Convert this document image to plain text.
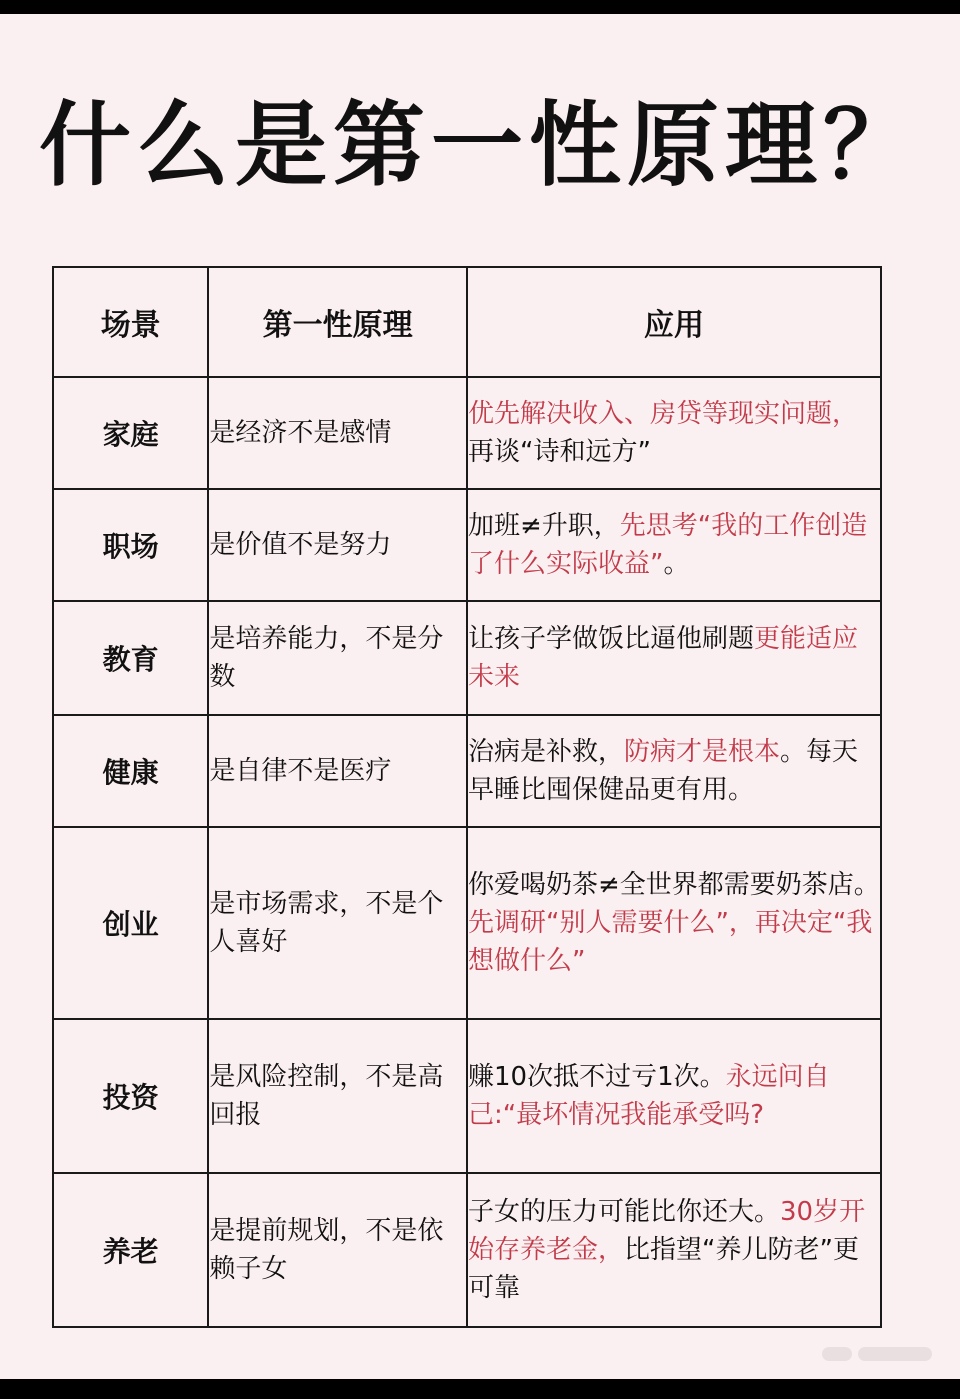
什么是第一性原理？
场景	第一性原理	应用
家庭	是经济不是感情	优先解决收入、房贷等现实问题，再谈“诗和远方”

职场	是价值不是努力	加班≠升职，先思考“我的工作创造了什么实际收益”。

教育	是培养能力，不是分数	让孩子学做饭比逼他刷题更能适应未来

健康	是自律不是医疗	治病是补救，防病才是根本。每天早睡比囤保健品更有用。

创业	是市场需求，不是个人喜好	你爱喝奶茶≠全世界都需要奶茶店。先调研“别人需要什么”，再决定“我想做什么”

投资	是风险控制，不是高回报	赚10次抵不过亏1次。永远问自己:“最坏情况我能承受吗?

养老	是提前规划，不是依赖子女	子女的压力可能比你还大。30岁开始存养老金，比指望“养儿防老”更可靠
